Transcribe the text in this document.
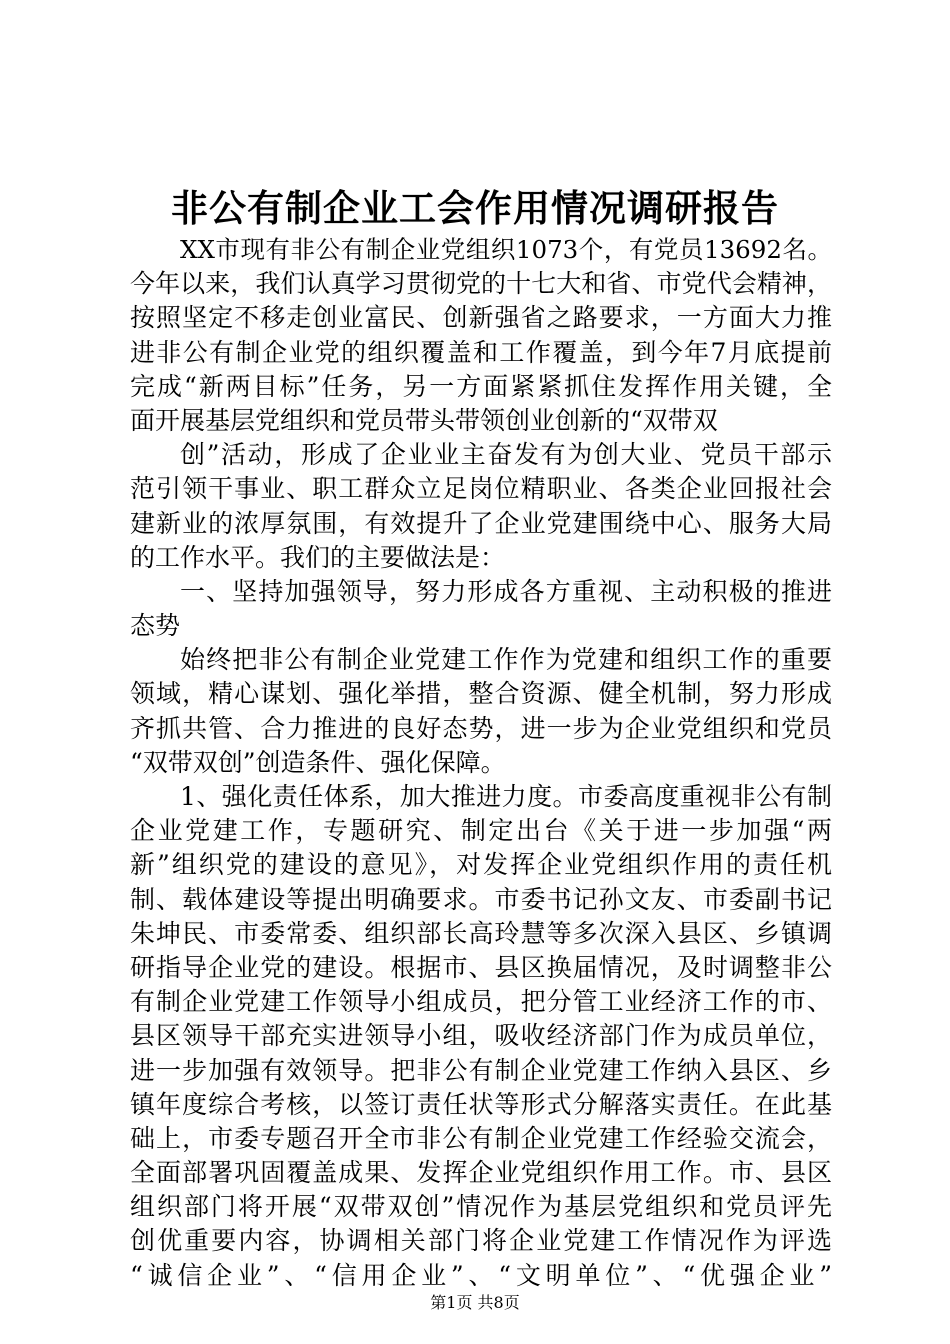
非公有制企业工会作用情况调研报告
XX市现有非公有制企业党组织1073个，有党员13692名。
今年以来，我们认真学习贯彻党的十七大和省、市党代会精神，
按照坚定不移走创业富民、创新强省之路要求，一方面大力推
进非公有制企业党的组织覆盖和工作覆盖，到今年7月底提前
完成“新两目标”任务，另一方面紧紧抓住发挥作用关键，全
面开展基层党组织和党员带头带领创业创新的“双带双
创”活动，形成了企业业主奋发有为创大业、党员干部示
范引领干事业、职工群众立足岗位精职业、各类企业回报社会
建新业的浓厚氛围，有效提升了企业党建围绕中心、服务大局
的工作水平。我们的主要做法是：
一、坚持加强领导，努力形成各方重视、主动积极的推进
态势
始终把非公有制企业党建工作作为党建和组织工作的重要
领域，精心谋划、强化举措，整合资源、健全机制，努力形成
齐抓共管、合力推进的良好态势，进一步为企业党组织和党员
“双带双创”创造条件、强化保障。
1、强化责任体系，加大推进力度。市委高度重视非公有制
企业党建工作，专题研究、制定出台《关于进一步加强“两
新”组织党的建设的意见》，对发挥企业党组织作用的责任机
制、载体建设等提出明确要求。市委书记孙文友、市委副书记
朱坤民、市委常委、组织部长高玲慧等多次深入县区、乡镇调
研指导企业党的建设。根据市、县区换届情况，及时调整非公
有制企业党建工作领导小组成员，把分管工业经济工作的市、
县区领导干部充实进领导小组，吸收经济部门作为成员单位，
进一步加强有效领导。把非公有制企业党建工作纳入县区、乡
镇年度综合考核，以签订责任状等形式分解落实责任。在此基
础上，市委专题召开全市非公有制企业党建工作经验交流会，
全面部署巩固覆盖成果、发挥企业党组织作用工作。市、县区
组织部门将开展“双带双创”情况作为基层党组织和党员评先
创优重要内容，协调相关部门将企业党建工作情况作为评选
“诚信企业”、“信用企业”、“文明单位”、“优强企业”
第1页 共8页
